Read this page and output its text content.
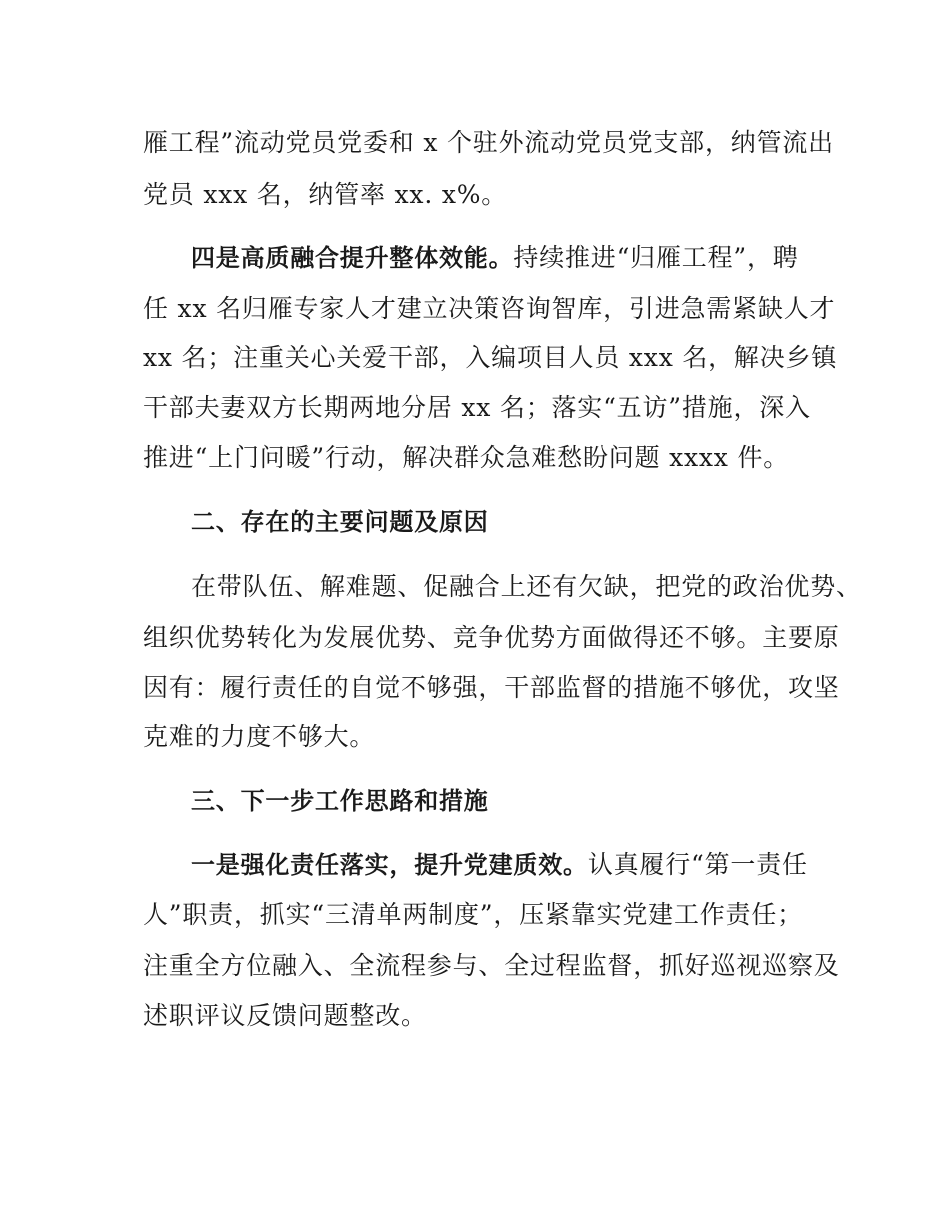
雁工程”流动党员党委和 x 个驻外流动党员党支部，纳管流出
党员 xxx 名，纳管率 xx. x%。
四是高质融合提升整体效能。持续推进“归雁工程”，聘
任 xx 名归雁专家人才建立决策咨询智库，引进急需紧缺人才
xx 名；注重关心关爱干部，入编项目人员 xxx 名，解决乡镇
干部夫妻双方长期两地分居 xx 名；落实“五访”措施，深入
推进“上门问暖”行动，解决群众急难愁盼问题 xxxx 件。
二、存在的主要问题及原因
在带队伍、解难题、促融合上还有欠缺，把党的政治优势、
组织优势转化为发展优势、竞争优势方面做得还不够。主要原
因有：履行责任的自觉不够强，干部监督的措施不够优，攻坚
克难的力度不够大。
三、下一步工作思路和措施
一是强化责任落实，提升党建质效。认真履行“第一责任
人”职责，抓实“三清单两制度”，压紧靠实党建工作责任；
注重全方位融入、全流程参与、全过程监督，抓好巡视巡察及
述职评议反馈问题整改。
